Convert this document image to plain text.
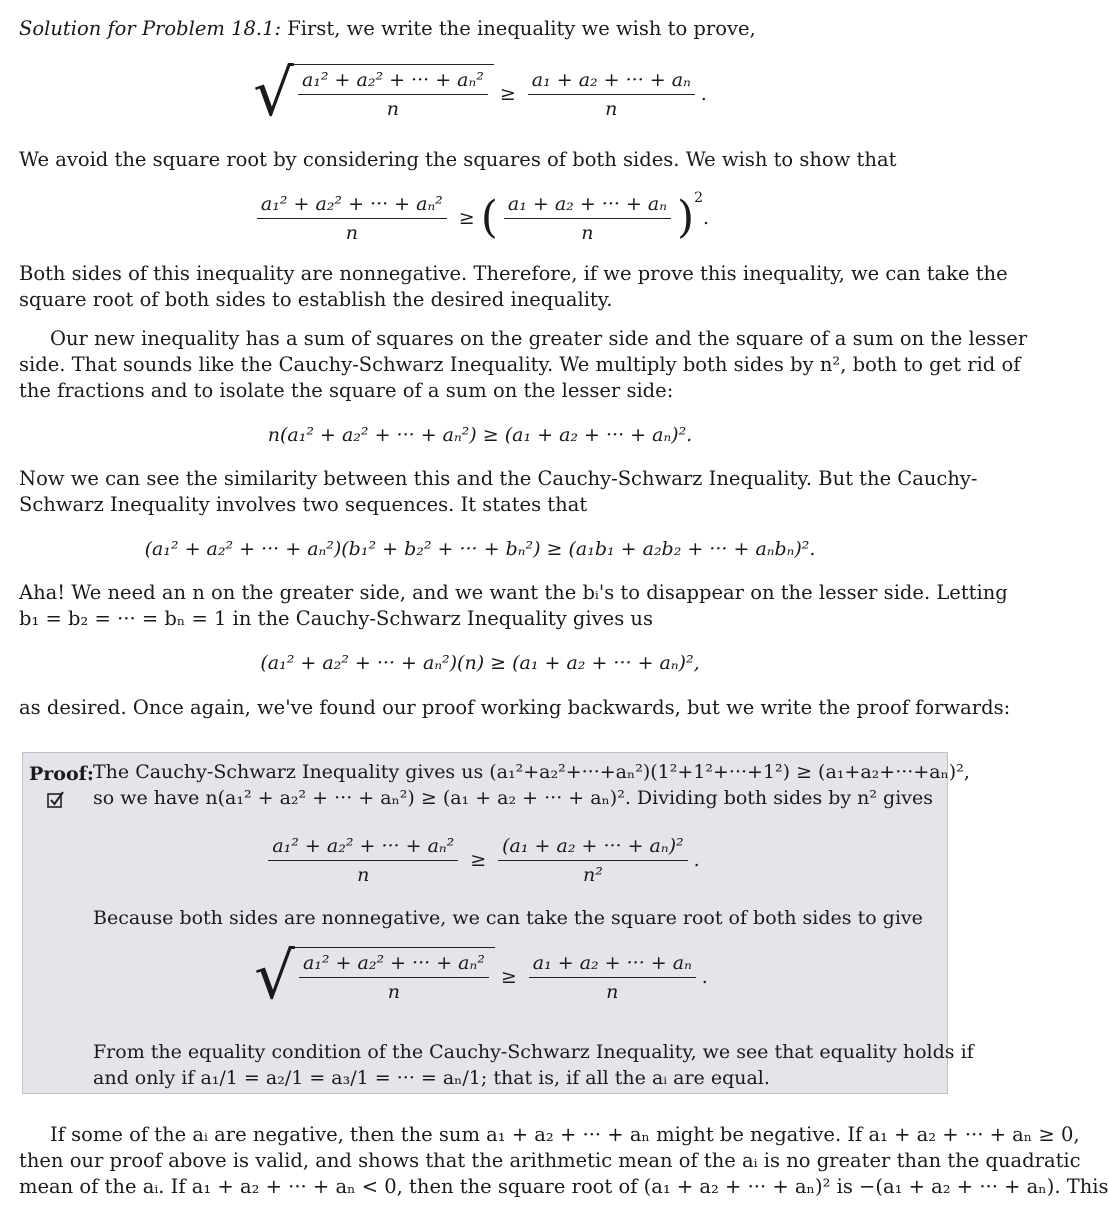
Solution for Problem 18.1: First, we write the inequality we wish to prove,
√ $\frac{\text{a₁² + a₂² + ··· + aₙ²}}{n} \ge \frac{\text{a₁ + a₂ + ··· + aₙ}}{n}$ .
We avoid the square root by considering the squares of both sides. We wish to show that
$\frac{\text{a₁² + a₂² + ··· + aₙ²}}{n}$ ≥ ( $\frac{\text{a₁ + a₂ + ··· + aₙ}}{n} )^2$
.
Both sides of this inequality are nonnegative. Therefore, if we prove this inequality, we can take the
square root of both sides to establish the desired inequality.
Our new inequality has a sum of squares on the greater side and the square of a sum on the lesser
side. That sounds like the Cauchy-Schwarz Inequality. We multiply both sides by n², both to get rid of
the fractions and to isolate the square of a sum on the lesser side:
n(a₁² + a₂² + ··· + aₙ²) ≥ (a₁ + a₂ + ··· + aₙ)².
Now we can see the similarity between this and the Cauchy-Schwarz Inequality. But the Cauchy-
Schwarz Inequality involves two sequences. It states that
(a₁² + a₂² + ··· + aₙ²)(b₁² + b₂² + ··· + bₙ²) ≥ (a₁b₁ + a₂b₂ + ··· + aₙbₙ)².
Aha! We need an n on the greater side, and we want the bᵢ's to disappear on the lesser side. Letting
b₁ = b₂ = ··· = bₙ = 1 in the Cauchy-Schwarz Inequality gives us
(a₁² + a₂² + ··· + aₙ²)(n) ≥ (a₁ + a₂ + ··· + aₙ)²,
as desired. Once again, we've found our proof working backwards, but we write the proof forwards:
Proof: The Cauchy-Schwarz Inequality gives us (a₁²+a₂²+···+aₙ²)(1²+1²+···+1²) ≥ (a₁+a₂+···+aₙ)²,
so we have n(a₁² + a₂² + ··· + aₙ²) ≥ (a₁ + a₂ + ··· + aₙ)². Dividing both sides by n² gives
$\frac{\text{a₁² + a₂² + ··· + aₙ²}}{n} \ge \frac{\text{(a₁ + a₂ + ··· + aₙ)²}}{\text{n²}}$ .
Because both sides are nonnegative, we can take the square root of both sides to give
√ $\frac{\text{a₁² + a₂² + ··· + aₙ²}}{n} \ge \frac{\text{a₁ + a₂ + ··· + aₙ}}{n}$ .
From the equality condition of the Cauchy-Schwarz Inequality, we see that equality holds if
and only if a₁/1 = a₂/1 = a₃/1 = ··· = aₙ/1; that is, if all the aᵢ are equal.
If some of the aᵢ are negative, then the sum a₁ + a₂ + ··· + aₙ might be negative. If a₁ + a₂ + ··· + aₙ ≥ 0,
then our proof above is valid, and shows that the arithmetic mean of the aᵢ is no greater than the quadratic
mean of the aᵢ. If a₁ + a₂ + ··· + aₙ < 0, then the square root of (a₁ + a₂ + ··· + aₙ)² is −(a₁ + a₂ + ··· + aₙ). This
